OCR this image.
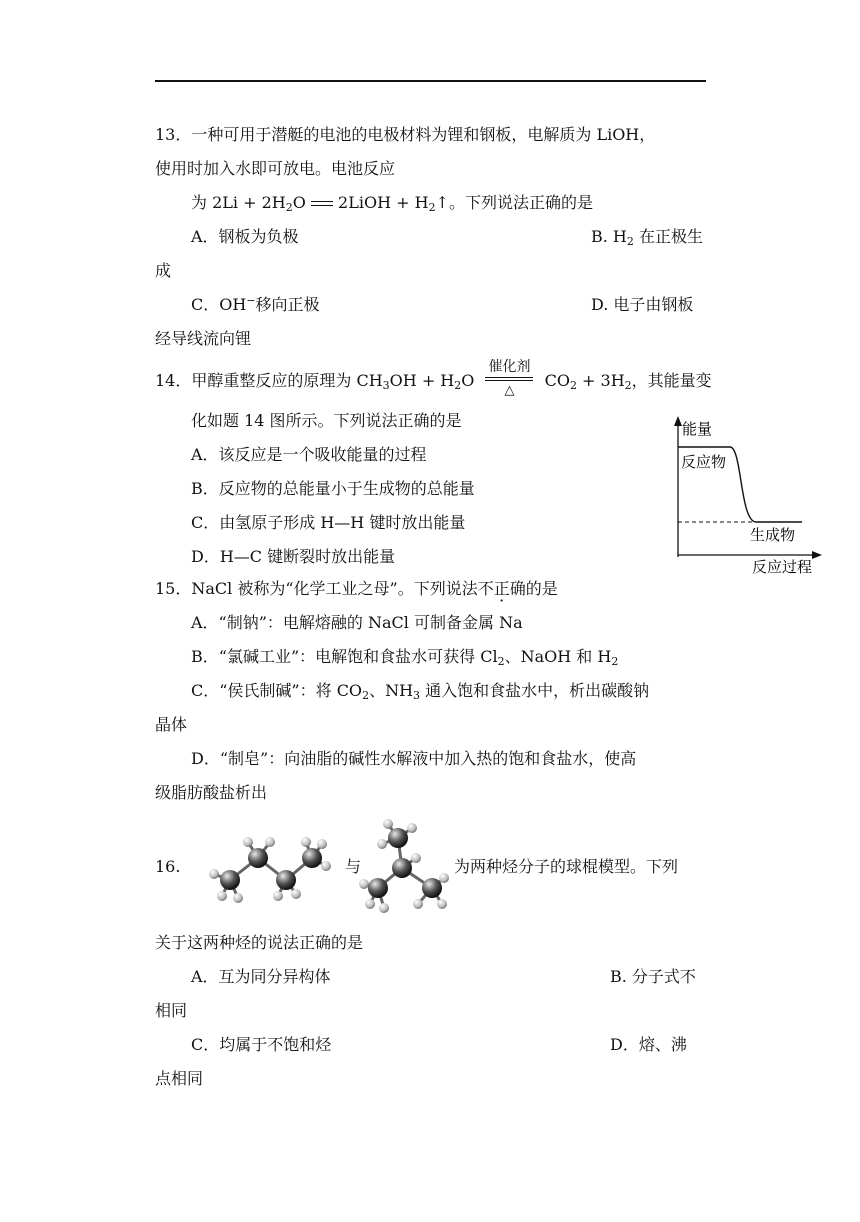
13．一种可用于潜艇的电池的电极材料为锂和钢板，电解质为 LiOH，
使用时加入水即可放电。电池反应
为 $2Li + 2H_2O$
2LiOH + $H_2↑$。下列说法正确的是
A．钢板为负极	B. $H_2$ 在正极生
成
C．OH−移向正极	D. 电子由钢板
经导线流向锂
14．甲醇重整反应的原理为 $CH_3OH + H_2O$
催化剂
△
$CO_2 + 3H_2$，其能量变
化如题 14 图所示。下列说法正确的是
A．该反应是一个吸收能量的过程
B．反应物的总能量小于生成物的总能量
C．由氢原子形成 H—H 键时放出能量
D．H—C 键断裂时放出能量
能量
反应物
生成物
反应过程
15．NaCl 被称为“化学工业之母”。下列说法不正确的是
A．“制钠”：电解熔融的 NaCl 可制备金属 Na
B．“氯碱工业”：电解饱和食盐水可获得 $Cl_2$、NaOH 和 $H_2$
C．“侯氏制碱”：将 $CO_2$、$NH_3$ 通入饱和食盐水中，析出碳酸钠
晶体
D．“制皂”：向油脂的碱性水解液中加入热的饱和食盐水，使高
级脂肪酸盐析出
16.	与	为两种烃分子的球棍模型。下列
关于这两种烃的说法正确的是
A．互为同分异构体	B. 分子式不
相同
C．均属于不饱和烃	D．熔、沸
点相同
